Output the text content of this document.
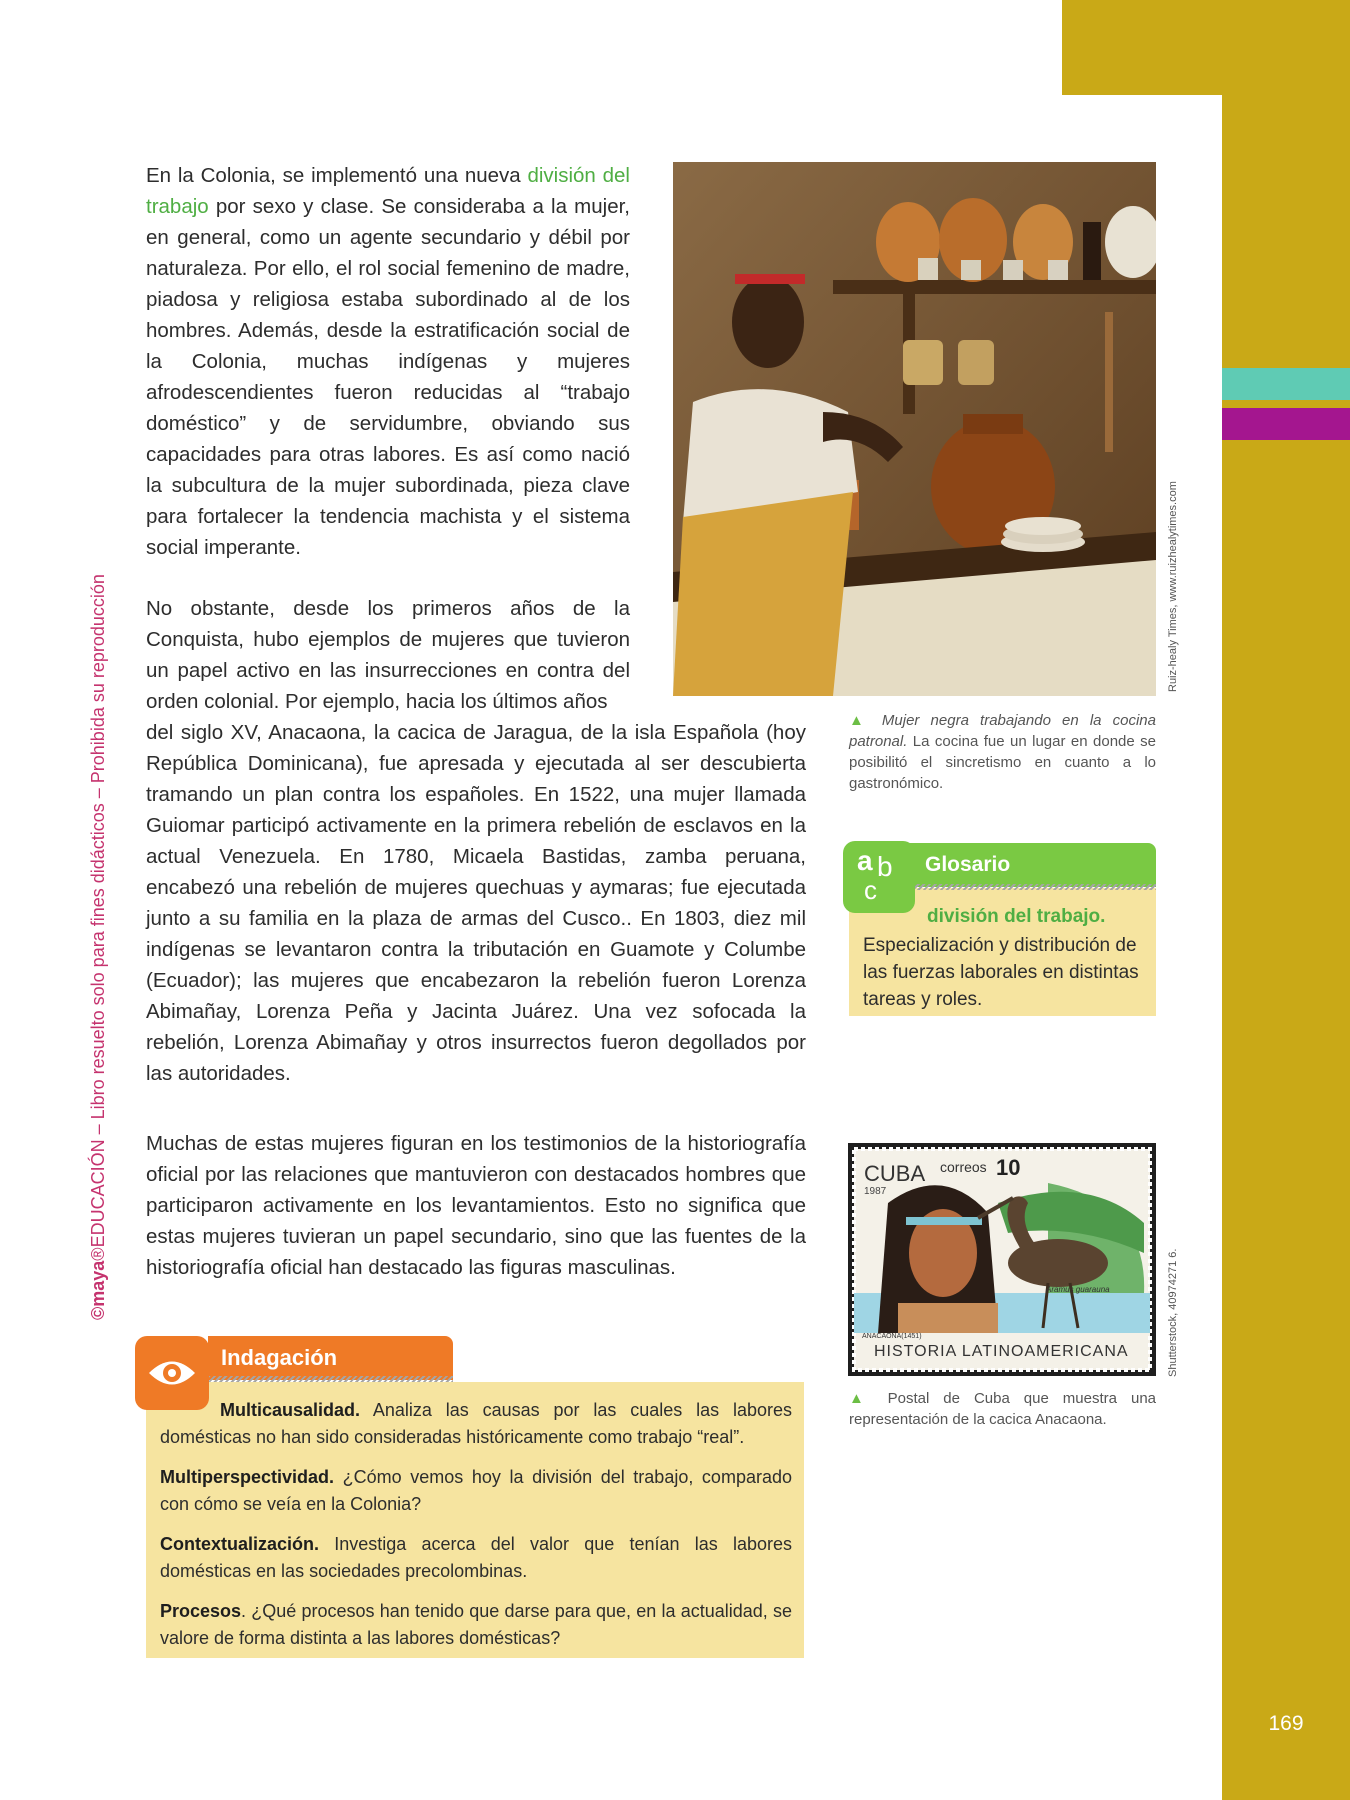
169
©maya®EDUCACIÓN – Libro resuelto solo para fines didácticos – Prohibida su reproducción
En la Colonia, se implementó una nueva división del trabajo por sexo y clase. Se consideraba a la mujer, en general, como un agente secundario y débil por naturaleza. Por ello, el rol social femenino de madre, piadosa y religiosa estaba subordinado al de los hombres. Además, desde la estratificación social de la Colonia, muchas indígenas y mujeres afrodescendientes fueron reducidas al “trabajo doméstico” y de servidumbre, obviando sus capacidades para otras labores. Es así como nació la subcultura de la mujer subordinada, pieza clave para fortalecer la tendencia machista y el sistema social imperante.
No obstante, desde los primeros años de la Conquista, hubo ejemplos de mujeres que tuvieron un papel activo en las insurrecciones en contra del orden colonial. Por ejemplo, hacia los últimos años
del siglo XV, Anacaona, la cacica de Jaragua, de la isla Española (hoy República Dominicana), fue apresada y ejecutada al ser descubierta tramando un plan contra los españoles. En 1522, una mujer llamada Guiomar participó activamente en la primera rebelión de esclavos en la actual Venezuela. En 1780, Micaela Bastidas, zamba peruana, encabezó una rebelión de mujeres quechuas y aymaras; fue ejecutada junto a su familia en la plaza de armas del Cusco.. En 1803, diez mil indígenas se levantaron contra la tributación en Guamote y Columbe (Ecuador); las mujeres que encabezaron la rebelión fueron Lorenza Abimañay, Lorenza Peña y Jacinta Juárez. Una vez sofocada la rebelión, Lorenza Abimañay y otros insurrectos fueron degollados por las autoridades.
Muchas de estas mujeres figuran en los testimonios de la historiografía oficial por las relaciones que mantuvieron con destacados hombres que participaron activamente en los levantamientos. Esto no significa que estas mujeres tuvieran un papel secundario, sino que las fuentes de la historiografía oficial han destacado las figuras masculinas.
Ruiz-healy Times, www.ruizhealytimes.com
▲ Mujer negra trabajando en la cocina patronal. La cocina fue un lugar en donde se posibilitó el sincretismo en cuanto a lo gastronómico.
Glosario
a b
c
división del trabajo.
Especialización y distribución de las fuerzas laborales en distintas tareas y roles.
CUBA correos 10
1987
Aramus guarauna
ANACAONA(1451)
HISTORIA LATINOAMERICANA	Shutterstock, 40974271 6.
▲ Postal de Cuba que muestra una representación de la cacica Anacaona.
Indagación
Multicausalidad. Analiza las causas por las cuales las labores domésticas no han sido consideradas históricamente como trabajo “real”.
Multiperspectividad. ¿Cómo vemos hoy la división del trabajo, comparado con cómo se veía en la Colonia?
Contextualización. Investiga acerca del valor que tenían las labores domésticas en las sociedades precolombinas.
Procesos. ¿Qué procesos han tenido que darse para que, en la actualidad, se valore de forma distinta a las labores domésticas?
